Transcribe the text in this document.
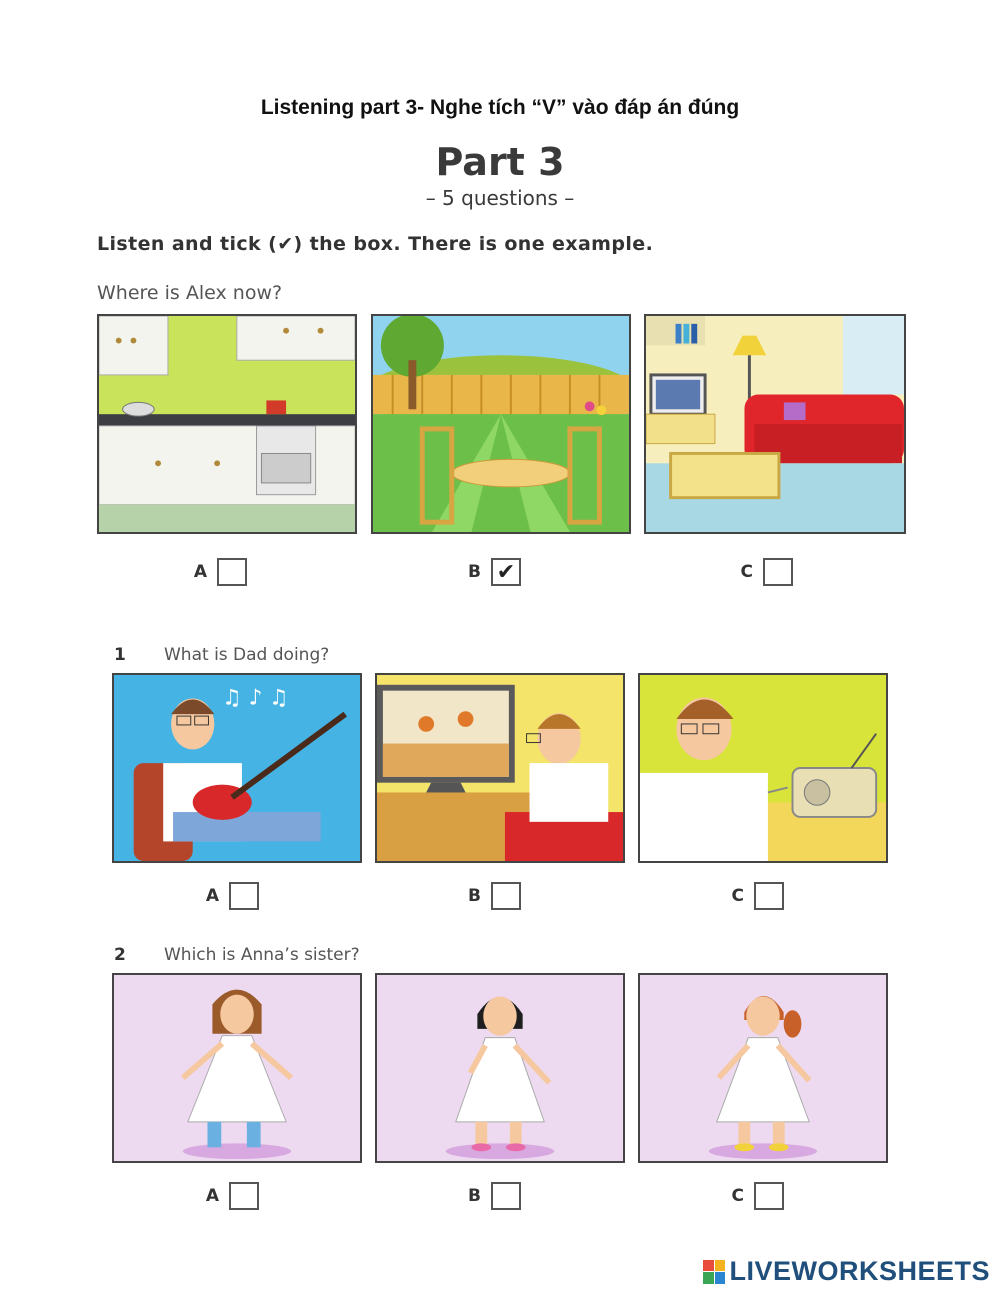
Listening part 3- Nghe tích “V” vào đáp án đúng
Part 3
– 5 questions –
Listen and tick (✔) the box. There is one example.
Where is Alex now?
A	B ✔	C
1 What is Dad doing?
♫ ♪ ♫
A	B	C
2 Which is Anna’s sister?
A	B	C
LIVEWORKSHEETS
